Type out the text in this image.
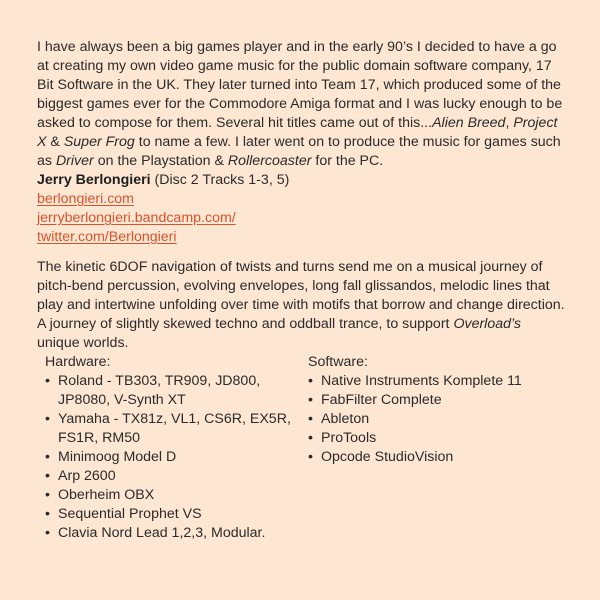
I have always been a big games player and in the early 90’s I decided to have a go at creating my own video game music for the public domain software company, 17 Bit Software in the UK. They later turned into Team 17, which produced some of the biggest games ever for the Commodore Amiga format and I was lucky enough to be asked to compose for them. Several hit titles came out of this...Alien Breed, Project X & Super Frog to name a few. I later went on to produce the music for games such as Driver on the Playstation & Rollercoaster for the PC.

Jerry Berlongieri (Disc 2 Tracks 1-3, 5)

berlongieri.com
jerryberlongieri.bandcamp.com/
twitter.com/Berlongieri

The kinetic 6DOF navigation of twists and turns send me on a musical journey of pitch-bend percussion, evolving envelopes, long fall glissandos, melodic lines that play and intertwine unfolding over time with motifs that borrow and change direction. A journey of slightly skewed techno and oddball trance, to support Overload’s unique worlds.

Hardware:

• Roland - TB303, TR909, JD800, JP8080, V-Synth XT
• Yamaha - TX81z, VL1, CS6R, EX5R, FS1R, RM50
• Minimoog Model D
• Arp 2600
• Oberheim OBX
• Sequential Prophet VS
• Clavia Nord Lead 1,2,3, Modular.

Software:

• Native Instruments Komplete 11
• FabFilter Complete
• Ableton
• ProTools
• Opcode StudioVision
